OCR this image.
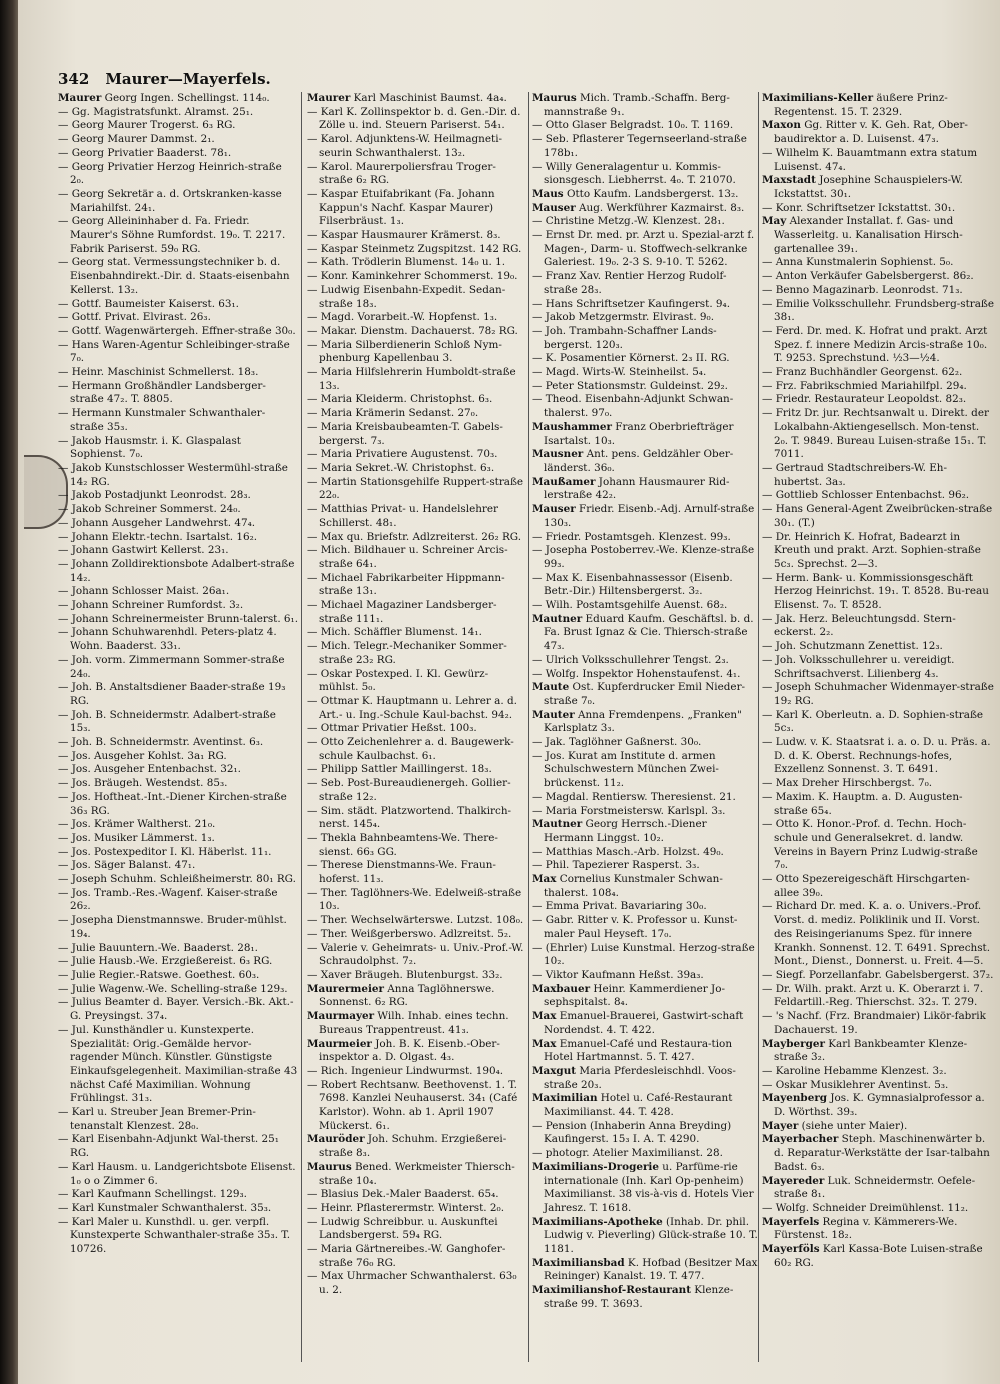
342 Maurer—Mayerfels.

Maurer Georg Ingen. Schellingst. 114₀.

— Gg. Magistratsfunkt. Alramst. 25₁.

— Georg Maurer Trogerst. 6₃ RG.

— Georg Maurer Dammst. 2₁.

— Georg Privatier Baaderst. 78₁.

— Georg Privatier Herzog Heinrich-straße 2₀.

— Georg Sekretär a. d. Ortskranken-kasse Mariahilfst. 24₁.

— Georg Alleininhaber d. Fa. Friedr. Maurer's Söhne Rumfordst. 19₀. T. 2217. Fabrik Pariserst. 59₀ RG.

— Georg stat. Vermessungstechniker b. d. Eisenbahndirekt.-Dir. d. Staats-eisenbahn Kellerst. 13₂.

— Gottf. Baumeister Kaiserst. 63₁.

— Gottf. Privat. Elvirast. 26₃.

— Gottf. Wagenwärtergeh. Effner-straße 30₀.

— Hans Waren-Agentur Schleibinger-straße 7₀.

— Heinr. Maschinist Schmellerst. 18₃.

— Hermann Großhändler Landsberger-straße 47₂. T. 8805.

— Hermann Kunstmaler Schwanthaler-straße 35₃.

— Jakob Hausmstr. i. K. Glaspalast Sophienst. 7₀.

— Jakob Kunstschlosser Westermühl-straße 14₂ RG.

— Jakob Postadjunkt Leonrodst. 28₃.

— Jakob Schreiner Sommerst. 24₀.

— Johann Ausgeher Landwehrst. 47₄.

— Johann Elektr.-techn. Isartalst. 16₂.

— Johann Gastwirt Kellerst. 23₁.

— Johann Zolldirektionsbote Adalbert-straße 14₂.

— Johann Schlosser Maist. 26a₁.

— Johann Schreiner Rumfordst. 3₂.

— Johann Schreinermeister Brunn-talerst. 6₁.

— Johann Schuhwarenhdl. Peters-platz 4. Wohn. Baaderst. 33₁.

— Joh. vorm. Zimmermann Sommer-straße 24₀.

— Joh. B. Anstaltsdiener Baader-straße 19₃ RG.

— Joh. B. Schneidermstr. Adalbert-straße 15₃.

— Joh. B. Schneidermstr. Aventinst. 6₃.

— Jos. Ausgeher Kohlst. 3a₁ RG.

— Jos. Ausgeher Entenbachst. 32₁.

— Jos. Bräugeh. Westendst. 85₃.

— Jos. Hoftheat.-Int.-Diener Kirchen-straße 36₃ RG.

— Jos. Krämer Waltherst. 21₀.

— Jos. Musiker Lämmerst. 1₃.

— Jos. Postexpeditor I. Kl. Häberlst. 11₁.

— Jos. Säger Balanst. 47₁.

— Joseph Schuhm. Schleißheimerstr. 80₁ RG.

— Jos. Tramb.-Res.-Wagenf. Kaiser-straße 26₂.

— Josepha Dienstmannswe. Bruder-mühlst. 19₄.

— Julie Bauuntern.-We. Baaderst. 28₁.

— Julie Hausb.-We. Erzgießereist. 6₃ RG.

— Julie Regier.-Ratswe. Goethest. 60₃.

— Julie Wagenw.-We. Schelling-straße 129₃.

— Julius Beamter d. Bayer. Versich.-Bk. Akt.-G. Preysingst. 37₄.

— Jul. Kunsthändler u. Kunstexperte. Spezialität: Orig.-Gemälde hervor-ragender Münch. Künstler. Günstigste Einkaufsgelegenheit. Maximilian-straße 43 nächst Café Maximilian. Wohnung Frühlingst. 31₃.

— Karl u. Streuber Jean Bremer-Prin-tenanstalt Klenzest. 28₀.

— Karl Eisenbahn-Adjunkt Wal-therst. 25₁ RG.

— Karl Hausm. u. Landgerichtsbote Elisenst. 1₀ o o Zimmer 6.

— Karl Kaufmann Schellingst. 129₃.

— Karl Kunstmaler Schwanthalerst. 35₃.

— Karl Maler u. Kunsthdl. u. ger. verpfl. Kunstexperte Schwanthaler-straße 35₃. T. 10726.

Maurer Karl Maschinist Baumst. 4a₄.

— Karl K. Zollinspektor b. d. Gen.-Dir. d. Zölle u. ind. Steuern Pariserst. 54₁.

— Karol. Adjunktens-W. Heilmagneti-seurin Schwanthalerst. 13₂.

— Karol. Maurerpoliersfrau Troger-straße 6₂ RG.

— Kaspar Etuifabrikant (Fa. Johann Kappun's Nachf. Kaspar Maurer) Filserbräust. 1₃.

— Kaspar Hausmaurer Krämerst. 8₃.

— Kaspar Steinmetz Zugspitzst. 142 RG.

— Kath. Trödlerin Blumenst. 14₀ u. 1.

— Konr. Kaminkehrer Schommerst. 19₀.

— Ludwig Eisenbahn-Expedit. Sedan-straße 18₃.

— Magd. Vorarbeit.-W. Hopfenst. 1₃.

— Makar. Dienstm. Dachauerst. 78₂ RG.

— Maria Silberdienerin Schloß Nym-phenburg Kapellenbau 3.

— Maria Hilfslehrerin Humboldt-straße 13₃.

— Maria Kleiderm. Christophst. 6₃.

— Maria Krämerin Sedanst. 27₀.

— Maria Kreisbaubeamten-T. Gabels-bergerst. 7₃.

— Maria Privatiere Augustenst. 70₃.

— Maria Sekret.-W. Christophst. 6₃.

— Martin Stationsgehilfe Ruppert-straße 22₀.

— Matthias Privat- u. Handelslehrer Schillerst. 48₁.

— Max qu. Briefstr. Adlzreiterst. 26₂ RG.

— Mich. Bildhauer u. Schreiner Arcis-straße 64₁.

— Michael Fabrikarbeiter Hippmann-straße 13₁.

— Michael Magaziner Landsberger-straße 111₁.

— Mich. Schäffler Blumenst. 14₁.

— Mich. Telegr.-Mechaniker Sommer-straße 23₂ RG.

— Oskar Postexped. I. Kl. Gewürz-mühlst. 5₀.

— Ottmar K. Hauptmann u. Lehrer a. d. Art.- u. Ing.-Schule Kaul-bachst. 94₂.

— Ottmar Privatier Heßst. 100₃.

— Otto Zeichenlehrer a. d. Baugewerk-schule Kaulbachst. 6₁.

— Philipp Sattler Maillingerst. 18₃.

— Seb. Post-Bureaudienergeh. Gollier-straße 12₂.

— Sim. städt. Platzwortend. Thalkirch-nerst. 145₄.

— Thekla Bahnbeamtens-We. There-sienst. 66₃ GG.

— Therese Dienstmanns-We. Fraun-hoferst. 11₃.

— Ther. Taglöhners-We. Edelweiß-straße 10₃.

— Ther. Wechselwärterswe. Lutzst. 108₀.

— Ther. Weißgerberswo. Adlzreitst. 5₂.

— Valerie v. Geheimrats- u. Univ.-Prof.-W. Schraudolphst. 7₂.

— Xaver Bräugeh. Blutenburgst. 33₂.

Maurermeier Anna Taglöhnerswe. Sonnenst. 6₂ RG.

Maurmayer Wilh. Inhab. eines techn. Bureaus Trappentreust. 41₃.

Maurmeier Joh. B. K. Eisenb.-Ober-inspektor a. D. Olgast. 4₃.

— Rich. Ingenieur Lindwurmst. 190₄.

— Robert Rechtsanw. Beethovenst. 1. T. 7698. Kanzlei Neuhauserst. 34₁ (Café Karlstor). Wohn. ab 1. April 1907 Mückerst. 6₁.

Mauröder Joh. Schuhm. Erzgießerei-straße 8₃.

Maurus Bened. Werkmeister Thiersch-straße 10₄.

— Blasius Dek.-Maler Baaderst. 65₄.

— Heinr. Pflasterermstr. Winterst. 2₀.

— Ludwig Schreibbur. u. Auskunftei Landsbergerst. 59₄ RG.

— Maria Gärtnereibes.-W. Ganghofer-straße 76₀ RG.

— Max Uhrmacher Schwanthalerst. 63₀ u. 2.

Maurus Mich. Tramb.-Schaffn. Berg-mannstraße 9₁.

— Otto Glaser Belgradst. 10₀. T. 1169.

— Seb. Pflasterer Tegernseerland-straße 178b₁.

— Willy Generalagentur u. Kommis-sionsgesch. Liebherrst. 4₀. T. 21070.

Maus Otto Kaufm. Landsbergerst. 13₂.

Mauser Aug. Werkführer Kazmairst. 8₃.

— Christine Metzg.-W. Klenzest. 28₁.

— Ernst Dr. med. pr. Arzt u. Spezial-arzt f. Magen-, Darm- u. Stoffwech-selkranke Galeriest. 19₀. 2-3 S. 9-10. T. 5262.

— Franz Xav. Rentier Herzog Rudolf-straße 28₃.

— Hans Schriftsetzer Kaufingerst. 9₄.

— Jakob Metzgermstr. Elvirast. 9₀.

— Joh. Trambahn-Schaffner Lands-bergerst. 120₃.

— K. Posamentier Körnerst. 2₃ II. RG.

— Magd. Wirts-W. Steinheilst. 5₄.

— Peter Stationsmstr. Guldeinst. 29₂.

— Theod. Eisenbahn-Adjunkt Schwan-thalerst. 97₀.

Maushammer Franz Oberbriefträger Isartalst. 10₃.

Mausner Ant. pens. Geldzähler Ober-länderst. 36₀.

Maußamer Johann Hausmaurer Rid-lerstraße 42₂.

Mauser Friedr. Eisenb.-Adj. Arnulf-straße 130₃.

— Friedr. Postamtsgeh. Klenzest. 99₃.

— Josepha Postoberrev.-We. Klenze-straße 99₃.

— Max K. Eisenbahnassessor (Eisenb. Betr.-Dir.) Hiltensbergerst. 3₂.

— Wilh. Postamtsgehilfe Auenst. 68₂.

Mautner Eduard Kaufm. Geschäftsl. b. d. Fa. Brust Ignaz & Cie. Thiersch-straße 47₃.

— Ulrich Volksschullehrer Tengst. 2₃.

— Wolfg. Inspektor Hohenstaufenst. 4₁.

Maute Ost. Kupferdrucker Emil Nieder-straße 7₀.

Mauter Anna Fremdenpens. „Franken" Karlsplatz 3₃.

— Jak. Taglöhner Gaßnerst. 30₀.

— Jos. Kurat am Institute d. armen Schulschwestern München Zwei-brückenst. 11₂.

— Magdal. Rentiersw. Theresienst. 21.

— Maria Forstmeistersw. Karlspl. 3₃.

Mautner Georg Herrsch.-Diener Hermann Linggst. 10₂.

— Matthias Masch.-Arb. Holzst. 49₀.

— Phil. Tapezierer Rasperst. 3₃.

Max Cornelius Kunstmaler Schwan-thalerst. 108₄.

— Emma Privat. Bavariaring 30₀.

— Gabr. Ritter v. K. Professor u. Kunst-maler Paul Heyseft. 17₀.

— (Ehrler) Luise Kunstmal. Herzog-straße 10₂.

— Viktor Kaufmann Heßst. 39a₃.

Maxbauer Heinr. Kammerdiener Jo-sephspitalst. 8₄.

Max Emanuel-Brauerei, Gastwirt-schaft Nordendst. 4. T. 422.

Max Emanuel-Café und Restaura-tion Hotel Hartmannst. 5. T. 427.

Maxgut Maria Pferdesleischhdl. Voos-straße 20₃.

Maximilian Hotel u. Café-Restaurant Maximilianst. 44. T. 428.

— Pension (Inhaberin Anna Breyding) Kaufingerst. 15₃ I. A. T. 4290.

— photogr. Atelier Maximilianst. 28.

Maximilians-Drogerie u. Parfüme-rie internationale (Inh. Karl Op-penheim) Maximilianst. 38 vis-à-vis d. Hotels Vier Jahresz. T. 1618.

Maximilians-Apotheke (Inhab. Dr. phil. Ludwig v. Pieverling) Glück-straße 10. T. 1181.

Maximiliansbad K. Hofbad (Besitzer Max Reininger) Kanalst. 19. T. 477.

Maximilianshof-Restaurant Klenze-straße 99. T. 3693.

Maximilians-Keller äußere Prinz-Regentenst. 15. T. 2329.

Maxon Gg. Ritter v. K. Geh. Rat, Ober-baudirektor a. D. Luisenst. 47₃.

— Wilhelm K. Bauamtmann extra statum Luisenst. 47₄.

Maxstadt Josephine Schauspielers-W. Ickstattst. 30₁.

— Konr. Schriftsetzer Ickstattst. 30₁.

May Alexander Installat. f. Gas- und Wasserleitg. u. Kanalisation Hirsch-gartenallee 39₁.

— Anna Kunstmalerin Sophienst. 5₀.

— Anton Verkäufer Gabelsbergerst. 86₂.

— Benno Magazinarb. Leonrodst. 71₃.

— Emilie Volksschullehr. Frundsberg-straße 38₁.

— Ferd. Dr. med. K. Hofrat und prakt. Arzt Spez. f. innere Medizin Arcis-straße 10₀. T. 9253. Sprechstund. ½3—½4.

— Franz Buchhändler Georgenst. 62₂.

— Frz. Fabrikschmied Mariahilfpl. 29₄.

— Friedr. Restaurateur Leopoldst. 82₃.

— Fritz Dr. jur. Rechtsanwalt u. Direkt. der Lokalbahn-Aktiengesellsch. Mon-tenst. 2₀. T. 9849. Bureau Luisen-straße 15₁. T. 7011.

— Gertraud Stadtschreibers-W. Eh-hubertst. 3a₃.

— Gottlieb Schlosser Entenbachst. 96₂.

— Hans General-Agent Zweibrücken-straße 30₁. (T.)

— Dr. Heinrich K. Hofrat, Badearzt in Kreuth und prakt. Arzt. Sophien-straße 5c₃. Sprechst. 2—3.

— Herm. Bank- u. Kommissionsgeschäft Herzog Heinrichst. 19₁. T. 8528. Bu-reau Elisenst. 7₀. T. 8528.

— Jak. Herz. Beleuchtungsdd. Stern-eckerst. 2₂.

— Joh. Schutzmann Zenettist. 12₃.

— Joh. Volksschullehrer u. vereidigt. Schriftsachverst. Lilienberg 4₃.

— Joseph Schuhmacher Widenmayer-straße 19₂ RG.

— Karl K. Oberleutn. a. D. Sophien-straße 5c₃.

— Ludw. v. K. Staatsrat i. a. o. D. u. Präs. a. D. d. K. Oberst. Rechnungs-hofes, Exzellenz Sonnenst. 3. T. 6491.

— Max Dreher Hirschbergst. 7₀.

— Maxim. K. Hauptm. a. D. Augusten-straße 65₄.

— Otto K. Honor.-Prof. d. Techn. Hoch-schule und Generalsekret. d. landw. Vereins in Bayern Prinz Ludwig-straße 7₀.

— Otto Spezereigeschäft Hirschgarten-allee 39₀.

— Richard Dr. med. K. a. o. Univers.-Prof. Vorst. d. mediz. Poliklinik und II. Vorst. des Reisingerianums Spez. für innere Krankh. Sonnenst. 12. T. 6491. Sprechst. Mont., Dienst., Donnerst. u. Freit. 4—5.

— Siegf. Porzellanfabr. Gabelsbergerst. 37₂.

— Dr. Wilh. prakt. Arzt u. K. Oberarzt i. 7. Feldartill.-Reg. Thierschst. 32₃. T. 279.

— 's Nachf. (Frz. Brandmaier) Likör-fabrik Dachauerst. 19.

Mayberger Karl Bankbeamter Klenze-straße 3₂.

— Karoline Hebamme Klenzest. 3₂.

— Oskar Musiklehrer Aventinst. 5₃.

Mayenberg Jos. K. Gymnasialprofessor a. D. Wörthst. 39₃.

Mayer (siehe unter Maier).

Mayerbacher Steph. Maschinenwärter b. d. Reparatur-Werkstätte der Isar-talbahn Badst. 6₃.

Mayereder Luk. Schneidermstr. Oefele-straße 8₁.

— Wolfg. Schneider Dreimühlenst. 11₂.

Mayerfels Regina v. Kämmerers-We. Fürstenst. 18₂.

Mayerföls Karl Kassa-Bote Luisen-straße 60₂ RG.
